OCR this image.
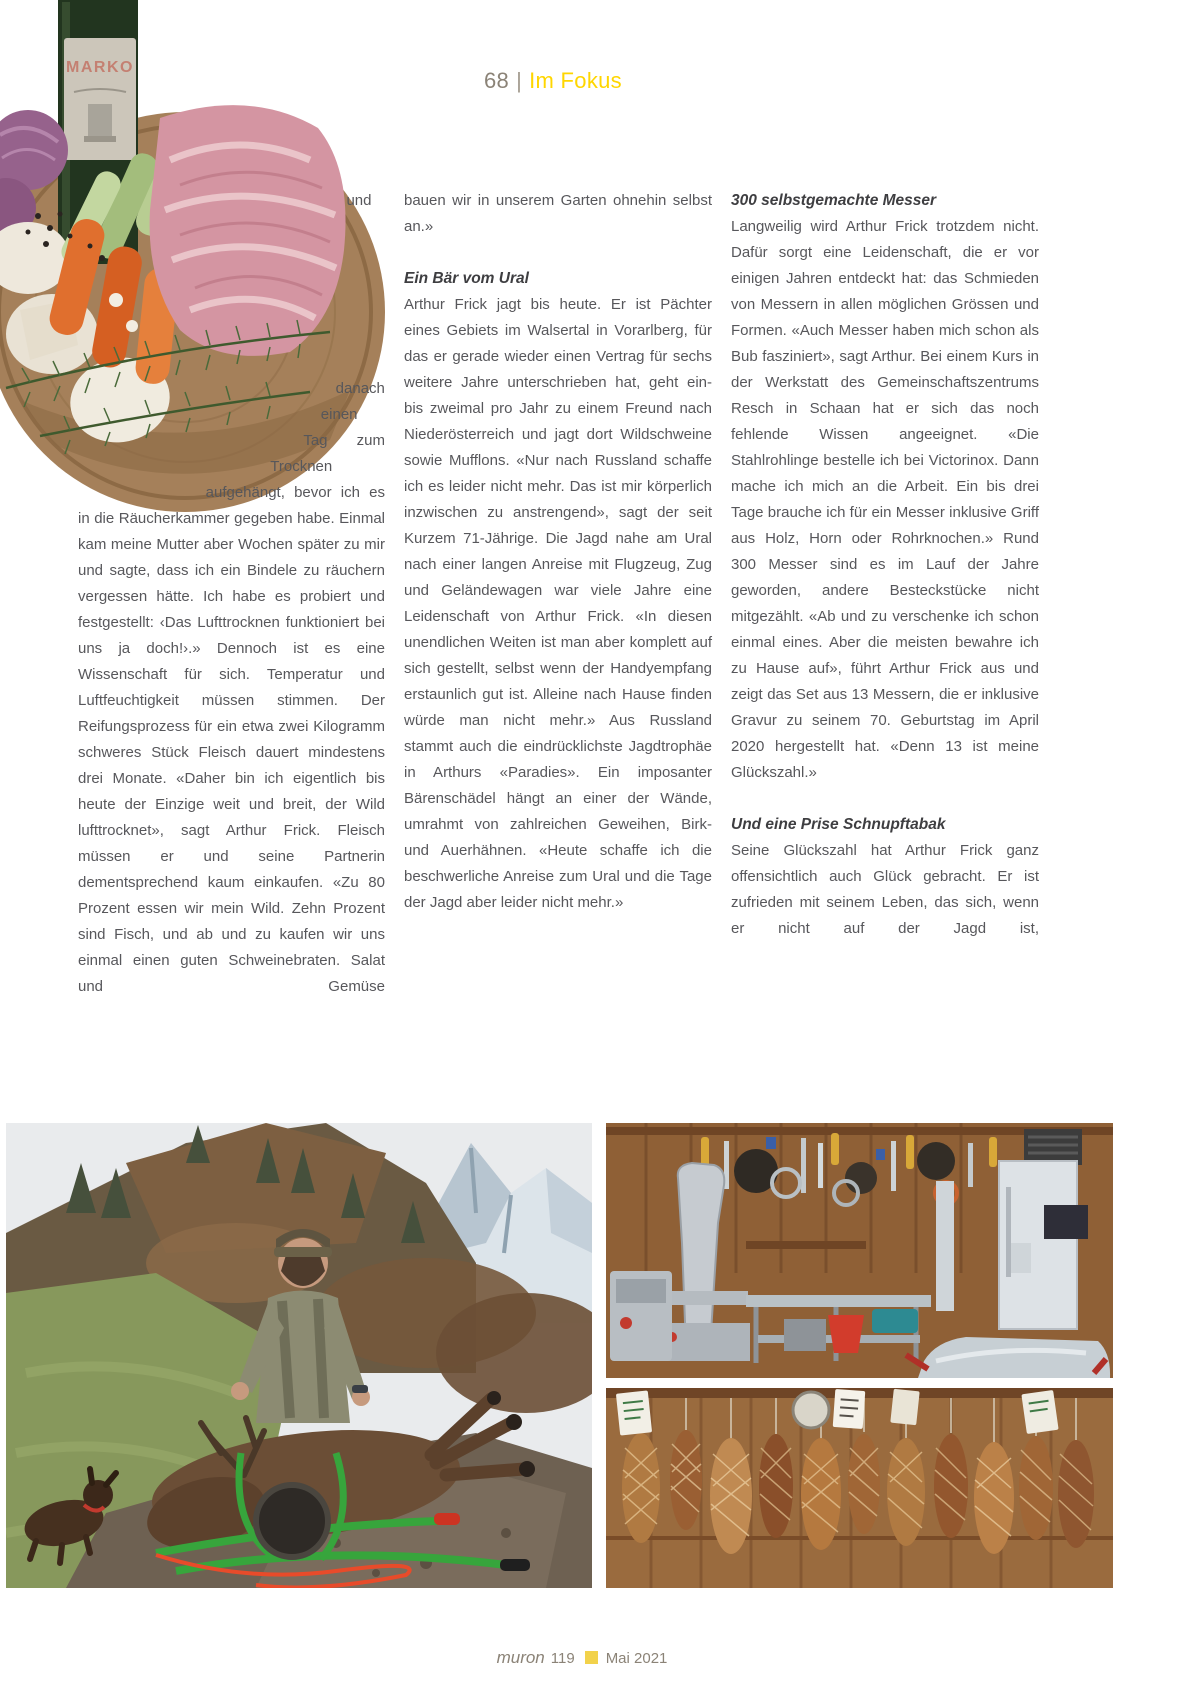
68 | Im Fokus
MARKO

und danach einen Tag zum Trocknen aufgehängt, bevor ich es in die Räucherkammer gegeben habe. Einmal kam meine Mutter aber Wochen später zu mir und sagte, dass ich ein Bindele zu räuchern vergessen hätte. Ich habe es probiert und festgestellt: ‹Das Lufttrocknen funktioniert bei uns ja doch!›.» Dennoch ist es eine Wissenschaft für sich. Temperatur und Luftfeuchtigkeit müssen stimmen. Der Reifungsprozess für ein etwa zwei Kilogramm schweres Stück Fleisch dauert mindestens drei Monate. «Daher bin ich eigentlich bis heute der Einzige weit und breit, der Wild lufttrocknet», sagt Arthur Frick. Fleisch müssen er und seine Partnerin dementsprechend kaum einkaufen. «Zu 80 Prozent essen wir mein Wild. Zehn Prozent sind Fisch, und ab und zu kaufen wir uns einmal einen guten Schweinebraten. Salat und Gemüse

bauen wir in unserem Garten ohnehin selbst an.»

Ein Bär vom Ural

Arthur Frick jagt bis heute. Er ist Pächter eines Gebiets im Walsertal in Vorarlberg, für das er gerade wieder einen Vertrag für sechs weitere Jahre unterschrieben hat, geht ein- bis zweimal pro Jahr zu einem Freund nach Niederösterreich und jagt dort Wildschweine sowie Mufflons. «Nur nach Russland schaffe ich es leider nicht mehr. Das ist mir körperlich inzwischen zu anstrengend», sagt der seit Kurzem 71-Jährige. Die Jagd nahe am Ural nach einer langen Anreise mit Flugzeug, Zug und Geländewagen war viele Jahre eine Leidenschaft von Arthur Frick. «In diesen unendlichen Weiten ist man aber komplett auf sich gestellt, selbst wenn der Handyempfang erstaunlich gut ist. Alleine nach Hause finden würde man nicht mehr.» Aus Russland stammt auch die eindrücklichste Jagdtrophäe in Arthurs «Paradies». Ein imposanter Bärenschädel hängt an einer der Wände, umrahmt von zahlreichen Geweihen, Birk- und Auerhähnen. «Heute schaffe ich die beschwerliche Anreise zum Ural und die Tage der Jagd aber leider nicht mehr.»

300 selbstgemachte Messer

Langweilig wird Arthur Frick trotzdem nicht. Dafür sorgt eine Leidenschaft, die er vor einigen Jahren entdeckt hat: das Schmieden von Messern in allen möglichen Grössen und Formen. «Auch Messer haben mich schon als Bub fasziniert», sagt Arthur. Bei einem Kurs in der Werkstatt des Gemeinschaftszentrums Resch in Schaan hat er sich das noch fehlende Wissen angeeignet. «Die Stahlrohlinge bestelle ich bei Victorinox. Dann mache ich mich an die Arbeit. Ein bis drei Tage brauche ich für ein Messer inklusive Griff aus Holz, Horn oder Rohrknochen.» Rund 300 Messer sind es im Lauf der Jahre geworden, andere Besteckstücke nicht mitgezählt. «Ab und zu verschenke ich schon einmal eines. Aber die meisten bewahre ich zu Hause auf», führt Arthur Frick aus und zeigt das Set aus 13 Messern, die er inklusive Gravur zu seinem 70. Geburtstag im April 2020 hergestellt hat. «Denn 13 ist meine Glückszahl.»

Und eine Prise Schnupftabak

Seine Glückszahl hat Arthur Frick ganz offensichtlich auch Glück gebracht. Er ist zufrieden mit seinem Leben, das sich, wenn er nicht auf der Jagd ist,

muron 119 Mai 2021
